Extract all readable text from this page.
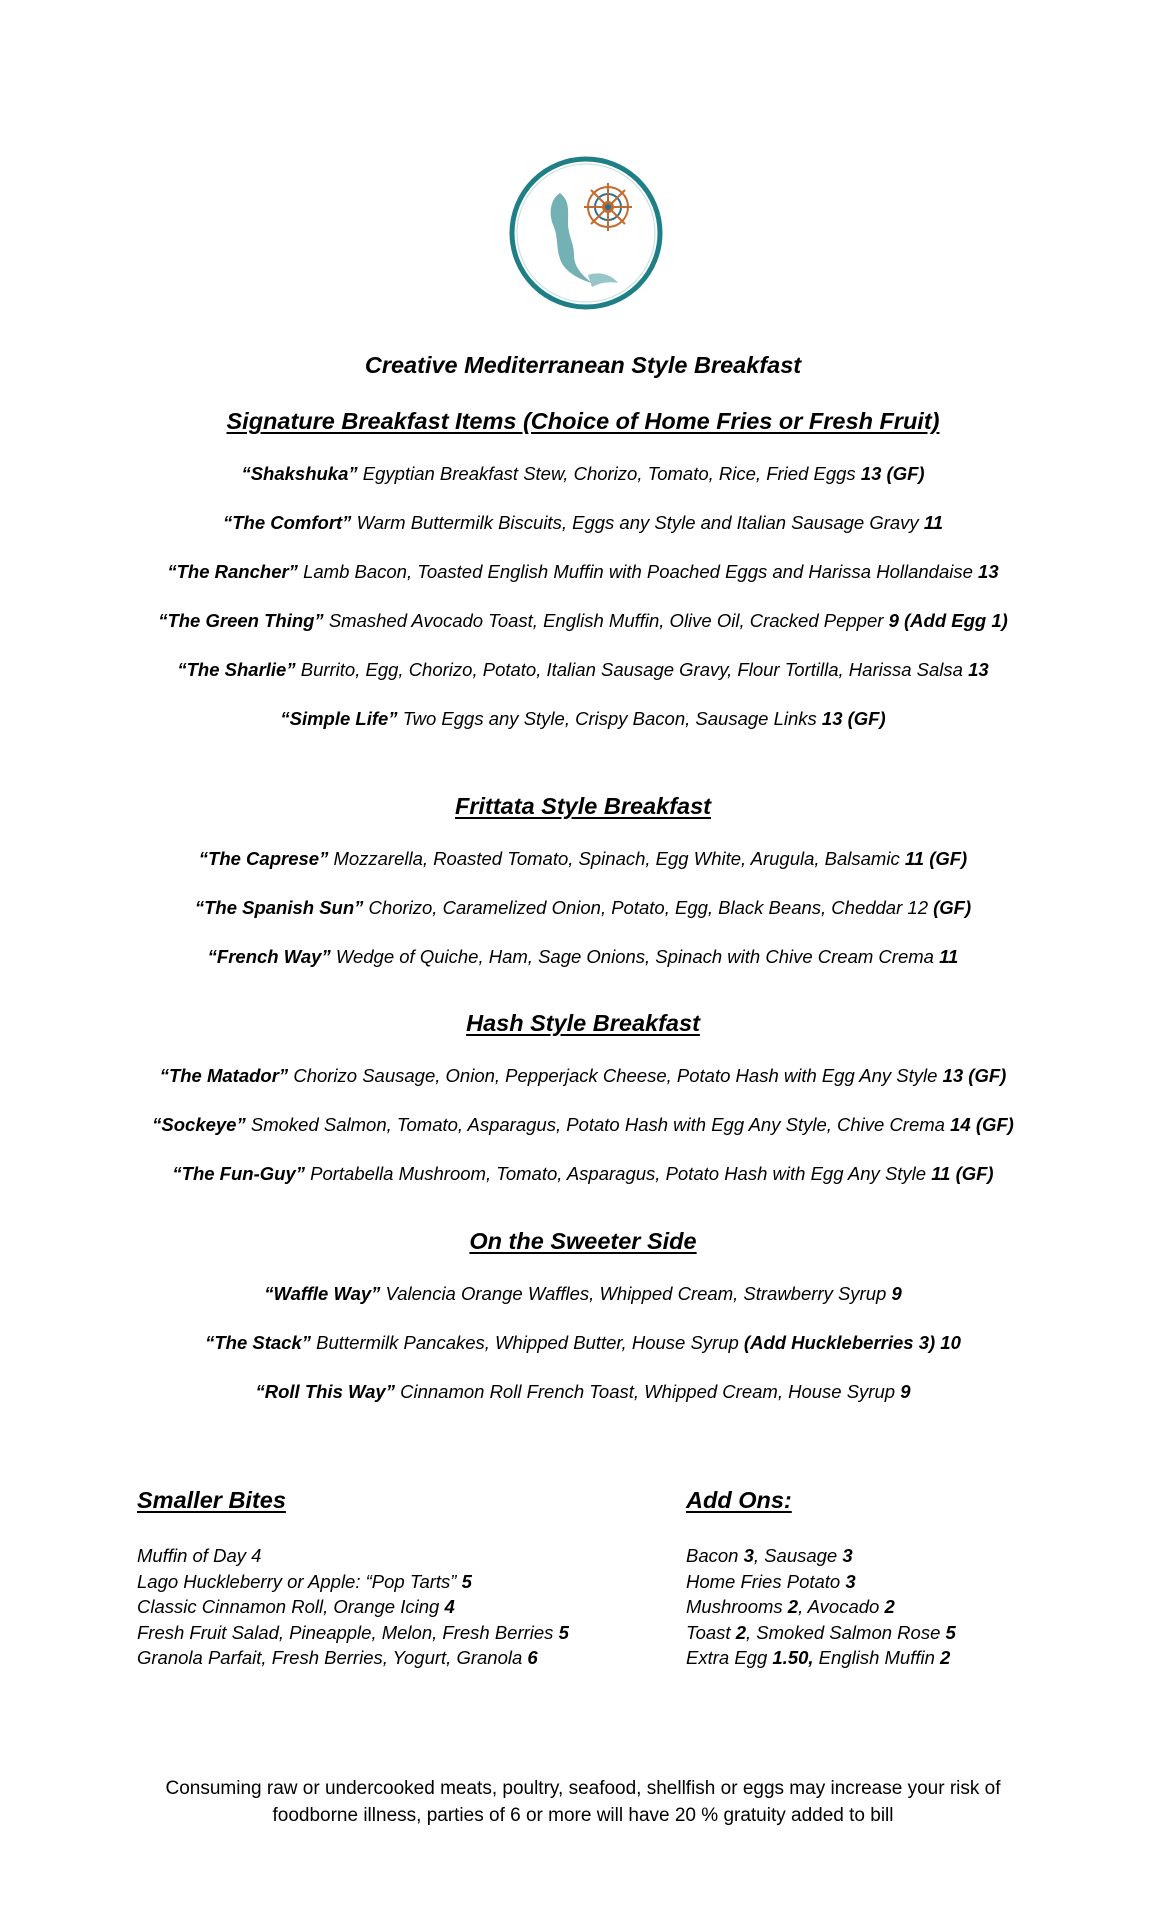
Creative Mediterranean Style Breakfast
Signature Breakfast Items (Choice of Home Fries or Fresh Fruit)
“Shakshuka” Egyptian Breakfast Stew, Chorizo, Tomato, Rice, Fried Eggs 13 (GF)
“The Comfort” Warm Buttermilk Biscuits, Eggs any Style and Italian Sausage Gravy 11
“The Rancher” Lamb Bacon, Toasted English Muffin with Poached Eggs and Harissa Hollandaise 13
“The Green Thing” Smashed Avocado Toast, English Muffin, Olive Oil, Cracked Pepper 9 (Add Egg 1)
“The Sharlie” Burrito, Egg, Chorizo, Potato, Italian Sausage Gravy, Flour Tortilla, Harissa Salsa 13
“Simple Life” Two Eggs any Style, Crispy Bacon, Sausage Links 13 (GF)
Frittata Style Breakfast
“The Caprese” Mozzarella, Roasted Tomato, Spinach, Egg White, Arugula, Balsamic 11 (GF)
“The Spanish Sun” Chorizo, Caramelized Onion, Potato, Egg, Black Beans, Cheddar 12 (GF)
“French Way” Wedge of Quiche, Ham, Sage Onions, Spinach with Chive Cream Crema 11
Hash Style Breakfast
“The Matador” Chorizo Sausage, Onion, Pepperjack Cheese, Potato Hash with Egg Any Style 13 (GF)
“Sockeye” Smoked Salmon, Tomato, Asparagus, Potato Hash with Egg Any Style, Chive Crema 14 (GF)
“The Fun-Guy” Portabella Mushroom, Tomato, Asparagus, Potato Hash with Egg Any Style 11 (GF)
On the Sweeter Side
“Waffle Way” Valencia Orange Waffles, Whipped Cream, Strawberry Syrup 9
“The Stack” Buttermilk Pancakes, Whipped Butter, House Syrup (Add Huckleberries 3) 10
“Roll This Way” Cinnamon Roll French Toast, Whipped Cream, House Syrup 9
Smaller Bites
Muffin of Day 4
Lago Huckleberry or Apple: “Pop Tarts” 5
Classic Cinnamon Roll, Orange Icing 4
Fresh Fruit Salad, Pineapple, Melon, Fresh Berries 5
Granola Parfait, Fresh Berries, Yogurt, Granola 6
Add Ons:
Bacon 3, Sausage 3
Home Fries Potato 3
Mushrooms 2, Avocado 2
Toast 2, Smoked Salmon Rose 5
Extra Egg 1.50, English Muffin 2
Consuming raw or undercooked meats, poultry, seafood, shellfish or eggs may increase your risk of
foodborne illness, parties of 6 or more will have 20 % gratuity added to bill
